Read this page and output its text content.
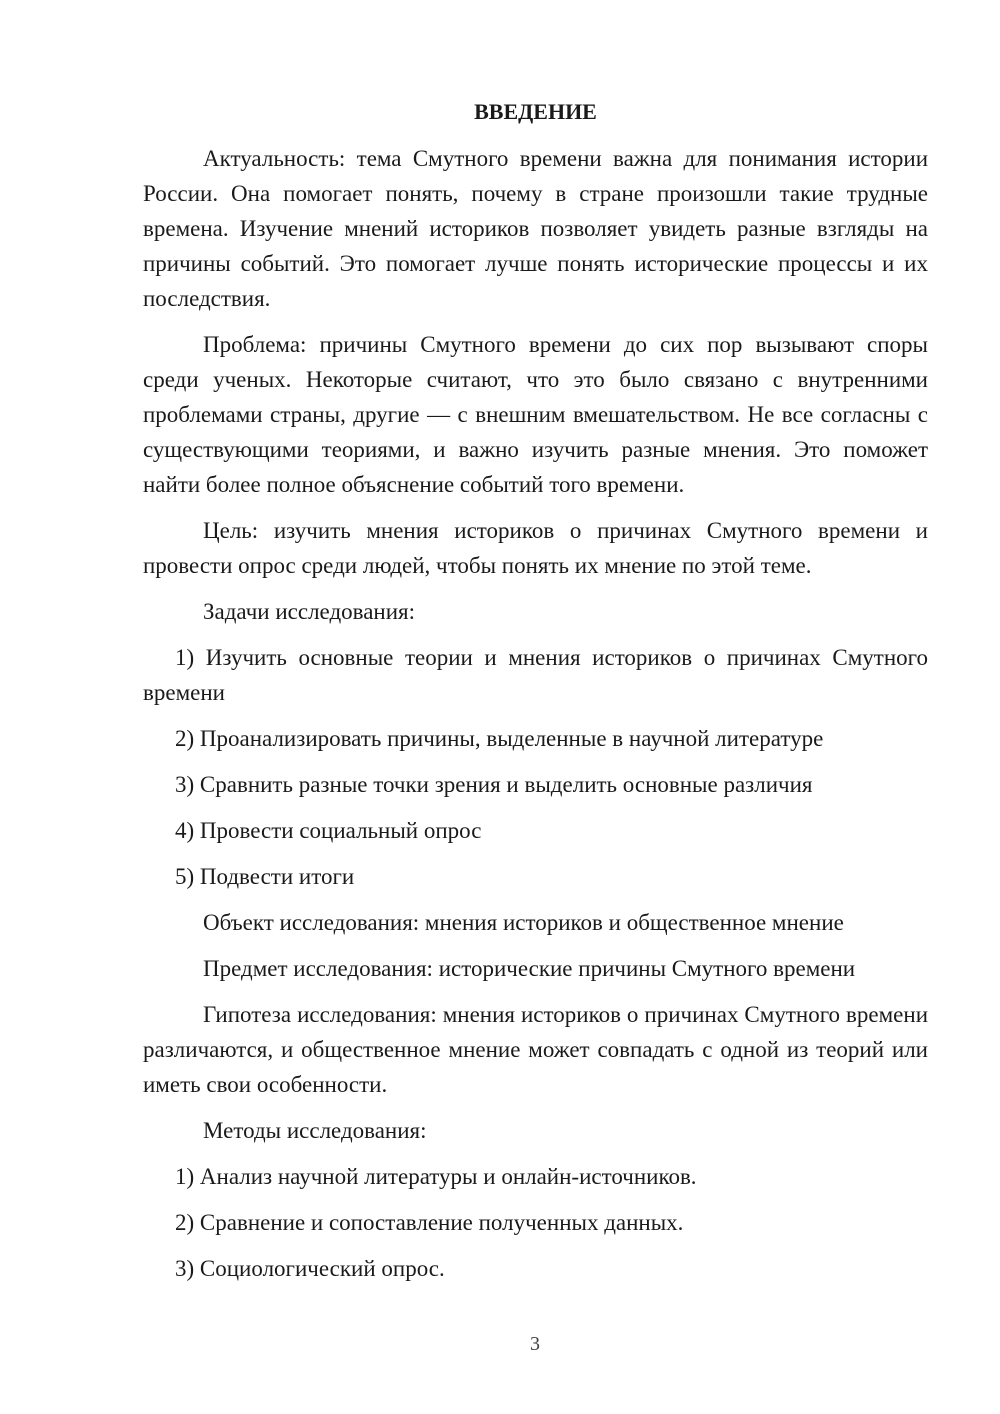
ВВЕДЕНИЕ

Актуальность: тема Смутного времени важна для понимания истории России. Она помогает понять, почему в стране произошли такие трудные времена. Изучение мнений историков позволяет увидеть разные взгляды на причины событий. Это помогает лучше понять исторические процессы и их последствия.

Проблема: причины Смутного времени до сих пор вызывают споры среди ученых. Некоторые считают, что это было связано с внутренними проблемами страны, другие — с внешним вмешательством. Не все согласны с существующими теориями, и важно изучить разные мнения. Это поможет найти более полное объяснение событий того времени.

Цель: изучить мнения историков о причинах Смутного времени и провести опрос среди людей, чтобы понять их мнение по этой теме.

Задачи исследования:

1) Изучить основные теории и мнения историков о причинах Смутного времени

2) Проанализировать причины, выделенные в научной литературе

3) Сравнить разные точки зрения и выделить основные различия

4) Провести социальный опрос

5) Подвести итоги

Объект исследования: мнения историков и общественное мнение

Предмет исследования: исторические причины Смутного времени

Гипотеза исследования: мнения историков о причинах Смутного времени различаются, и общественное мнение может совпадать с одной из теорий или иметь свои особенности.

Методы исследования:

1) Анализ научной литературы и онлайн-источников.

2) Сравнение и сопоставление полученных данных.

3) Социологический опрос.

3
